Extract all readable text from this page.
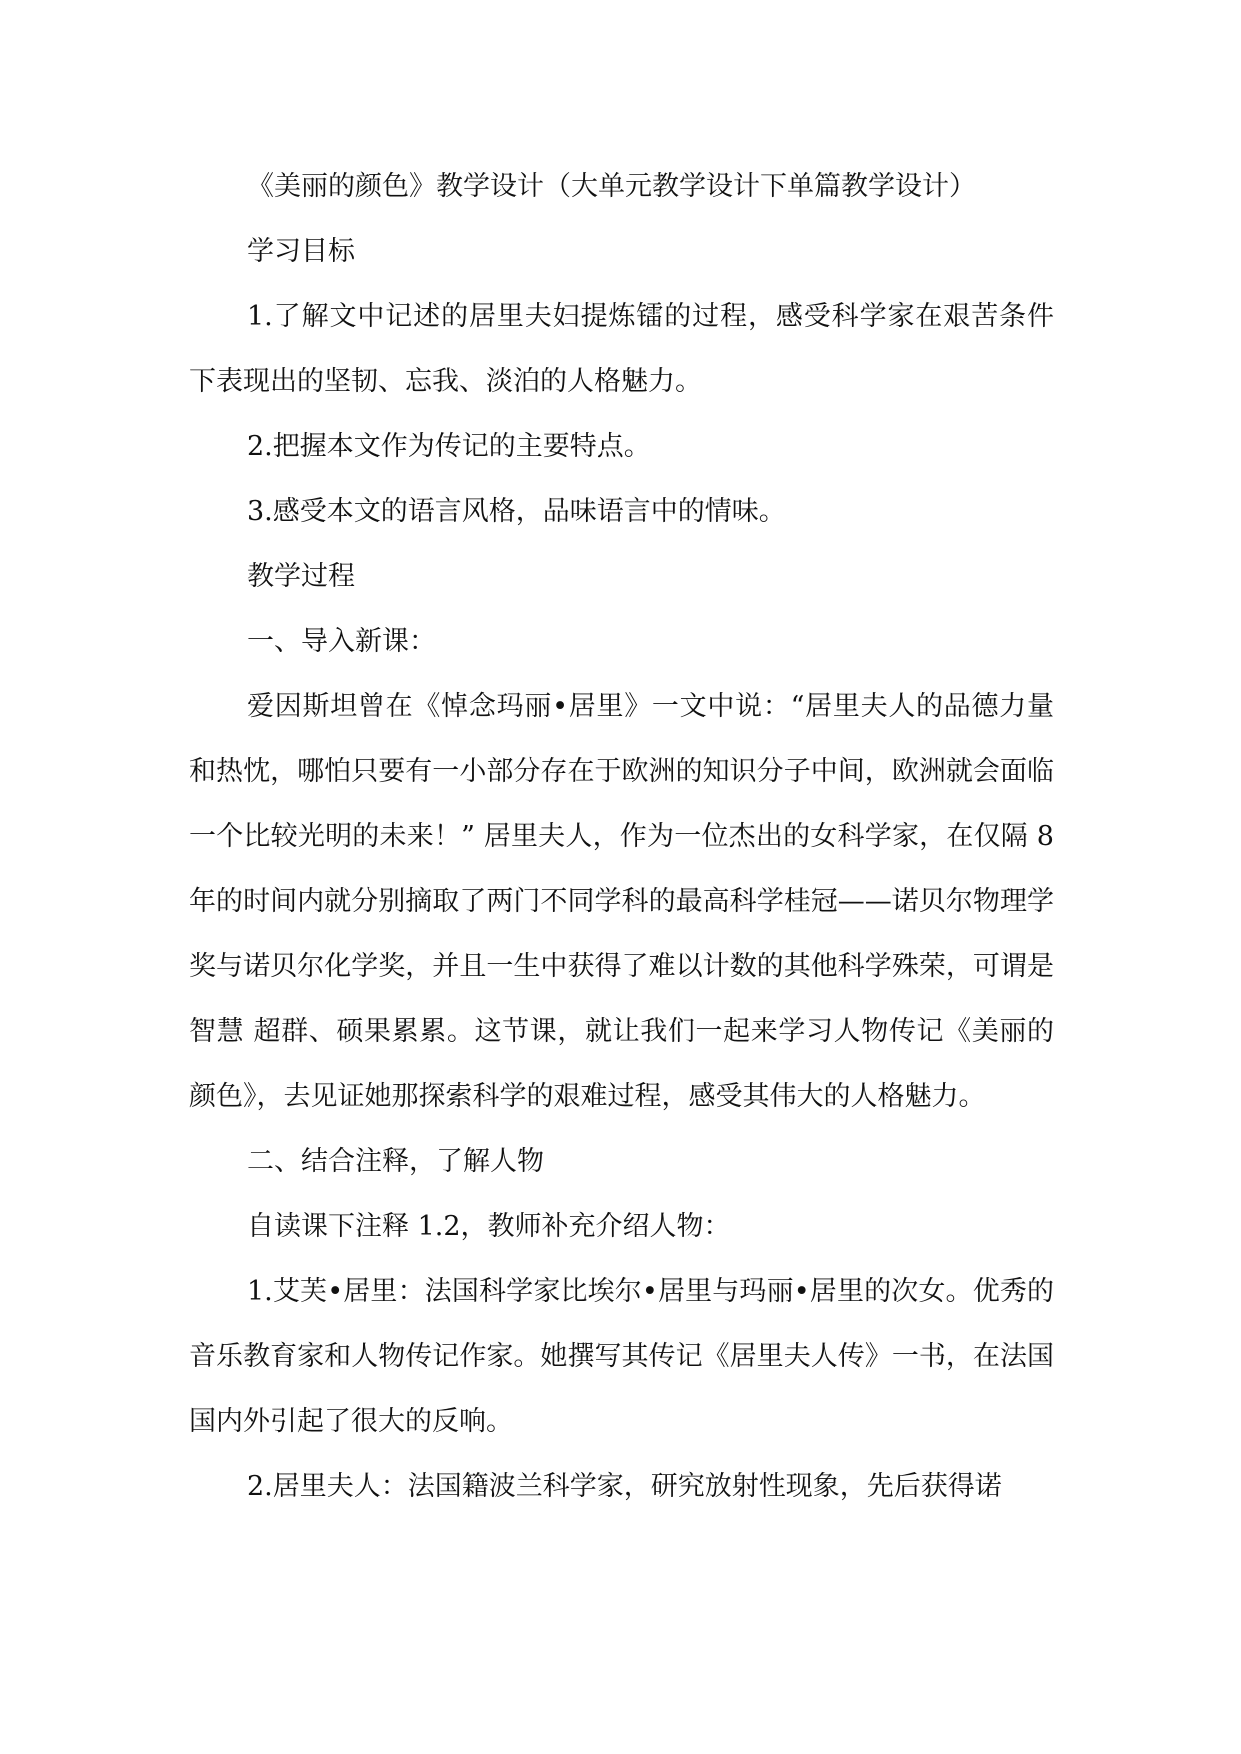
《美丽的颜色》教学设计（大单元教学设计下单篇教学设计）

学习目标

1.了解文中记述的居里夫妇提炼镭的过程，感受科学家在艰苦条件下表现出的坚韧、忘我、淡泊的人格魅力。

2.把握本文作为传记的主要特点。

3.感受本文的语言风格，品味语言中的情味。

教学过程

一、导入新课：

爱因斯坦曾在《悼念玛丽•居里》一文中说：“居里夫人的品德力量和热忱，哪怕只要有一小部分存在于欧洲的知识分子中间，欧洲就会面临一个比较光明的未来！” 居里夫人，作为一位杰出的女科学家，在仅隔 8 年的时间内就分别摘取了两门不同学科的最高科学桂冠——诺贝尔物理学奖与诺贝尔化学奖，并且一生中获得了难以计数的其他科学殊荣，可谓是智慧 超群、硕果累累。这节课，就让我们一起来学习人物传记《美丽的颜色》，去见证她那探索科学的艰难过程，感受其伟大的人格魅力。

二、结合注释，了解人物

自读课下注释 1.2，教师补充介绍人物：

1.艾芙•居里：法国科学家比埃尔•居里与玛丽•居里的次女。优秀的音乐教育家和人物传记作家。她撰写其传记《居里夫人传》一书，在法国国内外引起了很大的反响。

2.居里夫人：法国籍波兰科学家，研究放射性现象，先后获得诺
